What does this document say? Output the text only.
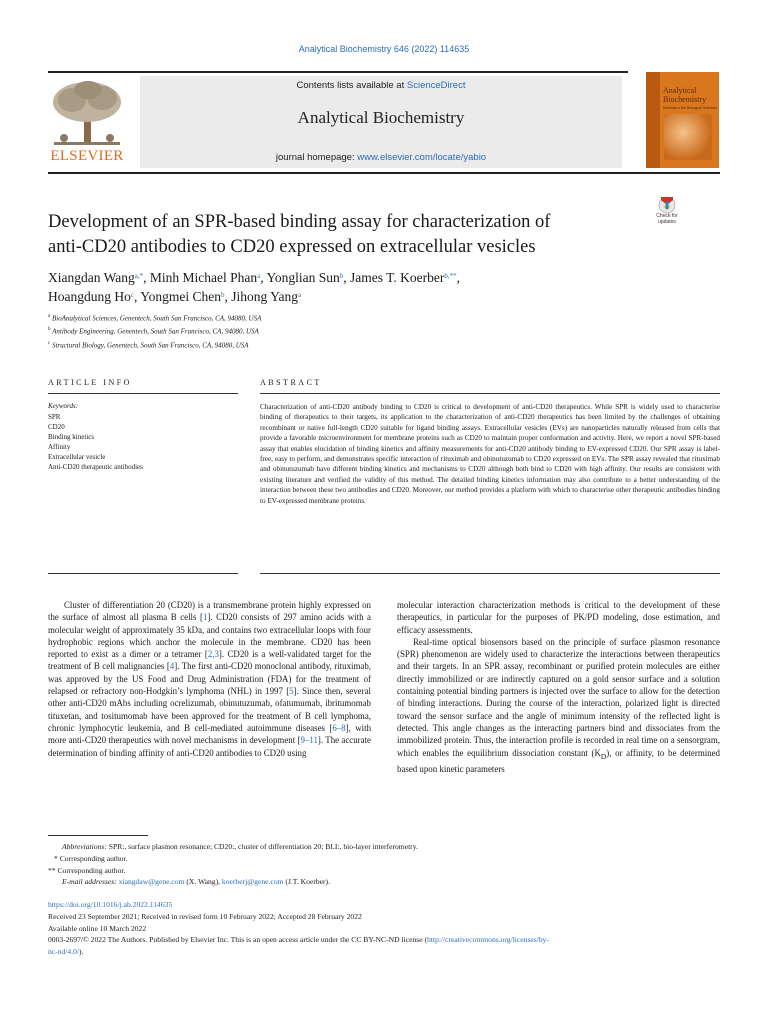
Analytical Biochemistry 646 (2022) 114635
ELSEVIER
Contents lists available at ScienceDirect
Analytical Biochemistry
journal homepage: www.elsevier.com/locate/yabio
Analytical
Biochemistry
Methods in the Biological Sciences
Development of an SPR-based binding assay for characterization of
anti-CD20 antibodies to CD20 expressed on extracellular vesicles
Check for
updates
Xiangdan Wang$^{a,*}$, Minh Michael Phan$^a$, Yonglian Sun$^b$, James T. Koerber$^{b,**}$,
Hoangdung Ho$^c$, Yongmei Chen$^b$, Jihong Yang$^a$
$^a$ BioAnalytical Sciences, Genentech, South San Francisco, CA, 94080, USA
$^b$ Antibody Engineering, Genentech, South San Francisco, CA, 94080, USA
$^c$ Structural Biology, Genentech, South San Francisco, CA, 94080, USA
ARTICLE INFO	ABSTRACT
Keywords:
SPR
CD20
Binding kinetics
Affinity
Extracellular vesicle
Anti-CD20 therapeutic antibodies
Characterization of anti-CD20 antibody binding to CD20 is critical to development of anti-CD20 therapeutics. While SPR is widely used to characterise binding of therapeutics to their targets, its application to the characterization of anti-CD20 therapeutics has been limited by the challenges of obtaining recombinant or native full-length CD20 suitable for ligand binding assays. Extracellular vesicles (EVs) are nanoparticles naturally released from cells that provide a favorable microenvironment for membrane proteins such as CD20 to maintain proper conformation and activity. Here, we report a novel SPR-based assay that enables elucidation of binding kinetics and affinity measurements for anti-CD20 antibody binding to EV-expressed CD20. Our SPR assay is label-free, easy to perform, and demonstrates specific interaction of rituximab and obinutuzumab to CD20 expressed on EVs. The SPR assay revealed that rituximab and obinutuzumab have different binding kinetics and mechanisms to CD20 although both bind to CD20 with high affinity. Our results are consistent with existing literature and verified the validity of this method. The detailed binding kinetics information may also contribute to a better understanding of the interaction between these two antibodies and CD20. Moreover, our method provides a platform with which to characterise other therapeutic antibodies binding to EV-expressed membrane proteins.

Cluster of differentiation 20 (CD20) is a transmembrane protein highly expressed on the surface of almost all plasma B cells [1]. CD20 consists of 297 amino acids with a molecular weight of approximately 35 kDa, and contains two extracellular loops with four hydrophobic regions which anchor the molecule in the membrane. CD20 has been reported to exist as a dimer or a tetramer [2,3]. CD20 is a well-validated target for the treatment of B cell malignancies [4]. The first anti-CD20 monoclonal antibody, rituximab, was approved by the US Food and Drug Administration (FDA) for the treatment of relapsed or refractory non-Hodgkin’s lymphoma (NHL) in 1997 [5]. Since then, several other anti-CD20 mAbs including ocrelizumab, obinutuzumab, ofatumumab, ibritumomab tituxetan, and tositumomab have been approved for the treatment of B cell lymphoma, chronic lymphocytic leukemia, and B cell-mediated autoimmune diseases [6–8], with more anti-CD20 therapeutics with novel mechanisms in development [9–11]. The accurate determination of binding affinity of anti-CD20 antibodies to CD20 using

molecular interaction characterization methods is critical to the development of these therapeutics, in particular for the purposes of PK/PD modeling, dose estimation, and efficacy assessments.

Real-time optical biosensors based on the principle of surface plasmon resonance (SPR) phenomenon are widely used to characterize the interactions between therapeutics and their targets. In an SPR assay, recombinant or purified protein molecules are either directly immobilized or are indirectly captured on a gold sensor surface and a solution containing potential binding partners is injected over the surface to allow for the detection of binding interactions. During the course of the interaction, polarized light is directed toward the sensor surface and the angle of minimum intensity of the reflected light is detected. This angle changes as the interacting partners bind and dissociates from the immobilized protein. Thus, the interaction profile is recorded in real time on a sensorgram, which enables the equilibrium dissociation constant $(K_D)$, or affinity, to be determined based upon kinetic parameters

Abbreviations: SPR:, surface plasmon resonance; CD20:, cluster of differentiation 20; BLI:, bio-layer interferometry.
* Corresponding author.
** Corresponding author.
E-mail addresses: xiangdaw@gene.com (X. Wang), koerberj@gene.com (J.T. Koerber).
https://doi.org/10.1016/j.ab.2022.114635
Received 23 September 2021; Received in revised form 10 February 2022; Accepted 28 February 2022
Available online 10 March 2022
0003-2697/© 2022 The Authors. Published by Elsevier Inc. This is an open access article under the CC BY-NC-ND license (http://creativecommons.org/licenses/by-
nc-nd/4.0/).
